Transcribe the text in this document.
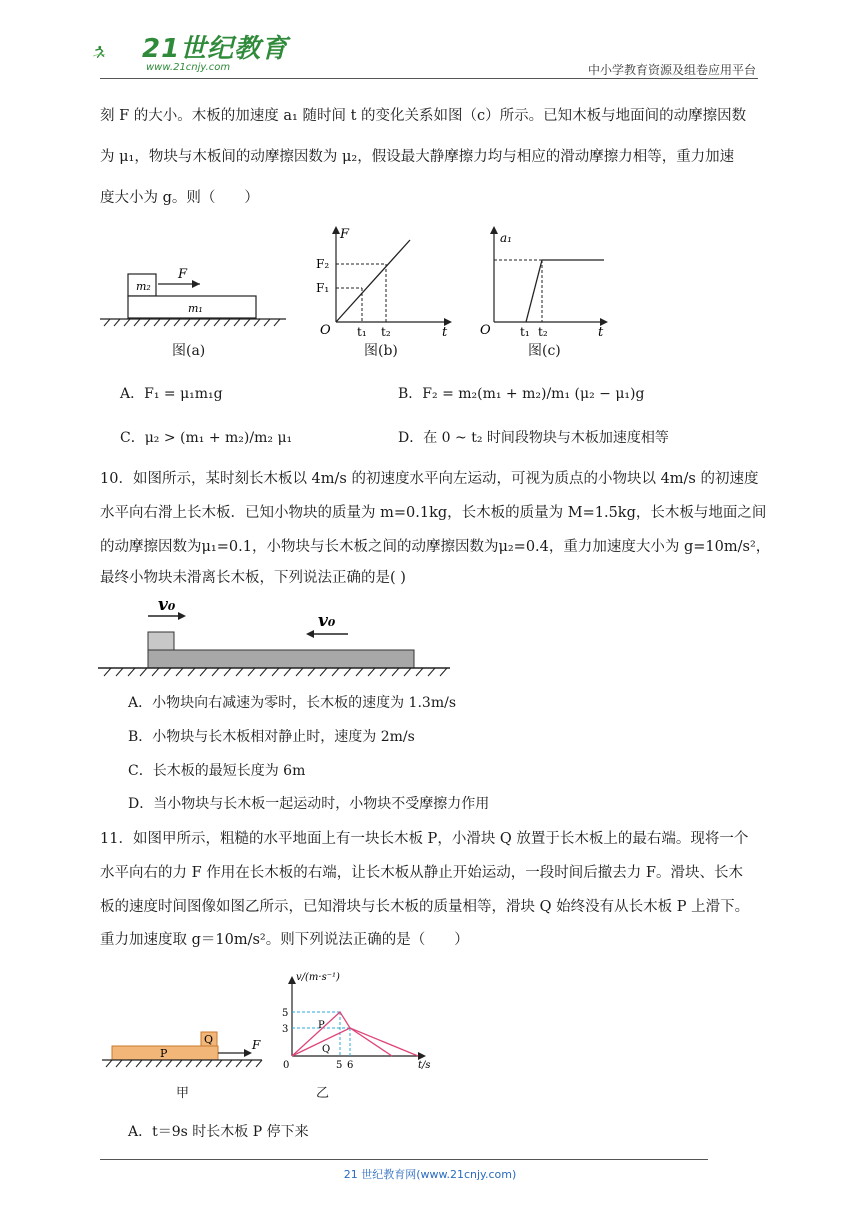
21世纪教育
www.21cnjy.com	中小学教育资源及组卷应用平台
刻 F 的大小。木板的加速度 a₁ 随时间 t 的变化关系如图（c）所示。已知木板与地面间的动摩擦因数
为 μ₁，物块与木板间的动摩擦因数为 μ₂，假设最大静摩擦力均与相应的滑动摩擦力相等，重力加速
度大小为 g。则（　　）
m₂
m₁
F
图(a)
F
F₂
F₁
O t₁ t₂	t
图(b)
a₁
O t₁ t₂	t
图(c)
A．F₁ = μ₁m₁g	B．F₂ = m₂(m₁ + m₂)/m₁ (μ₂ − μ₁)g
C．μ₂ > (m₁ + m₂)/m₂ μ₁	D．在 0 ~ t₂ 时间段物块与木板加速度相等
10．如图所示，某时刻长木板以 4m/s 的初速度水平向左运动，可视为质点的小物块以 4m/s 的初速度
水平向右滑上长木板．已知小物块的质量为 m=0.1kg，长木板的质量为 M=1.5kg，长木板与地面之间
的动摩擦因数为μ₁=0.1，小物块与长木板之间的动摩擦因数为μ₂=0.4，重力加速度大小为 g=10m/s²，
最终小物块未滑离长木板，下列说法正确的是( )
v₀
v₀
A．小物块向右减速为零时，长木板的速度为 1.3m/s
B．小物块与长木板相对静止时，速度为 2m/s
C．长木板的最短长度为 6m
D．当小物块与长木板一起运动时，小物块不受摩擦力作用
11．如图甲所示，粗糙的水平地面上有一块长木板 P，小滑块 Q 放置于长木板上的最右端。现将一个
水平向右的力 F 作用在长木板的右端，让长木板从静止开始运动，一段时间后撤去力 F。滑块、长木
板的速度时间图像如图乙所示，已知滑块与长木板的质量相等，滑块 Q 始终没有从长木板 P 上滑下。
重力加速度取 g＝10m/s²。则下列说法正确的是（　　）
P
Q	F
甲
v/(m·s⁻¹)
5
3
0	5 6	t/s
P
Q
乙
A．t＝9s 时长木板 P 停下来
21 世纪教育网(www.21cnjy.com)
